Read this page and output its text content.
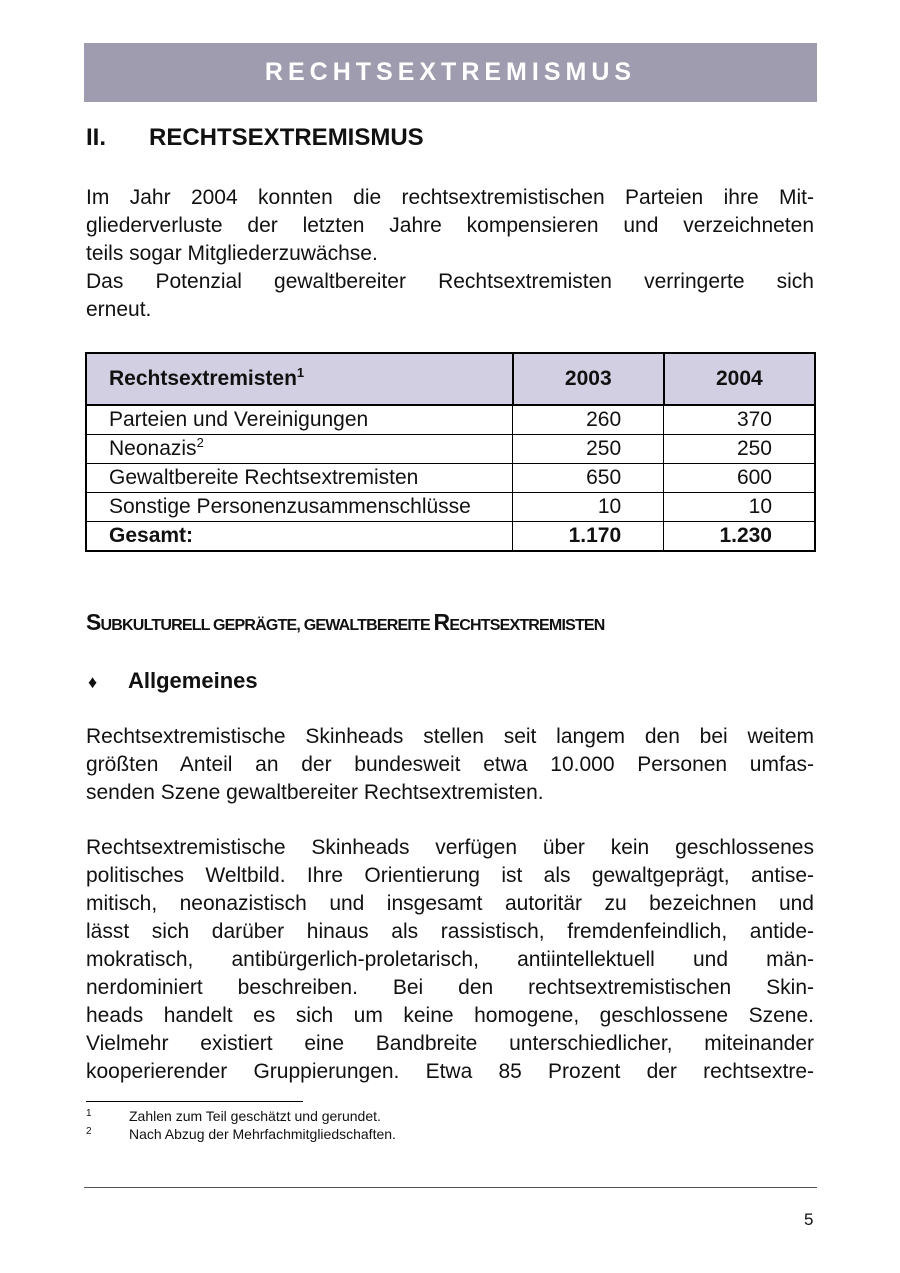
RECHTSEXTREMISMUS
II. RECHTSEXTREMISMUS
Im Jahr 2004 konnten die rechtsextremistischen Parteien ihre Mit-
gliederverluste der letzten Jahre kompensieren und verzeichneten
teils sogar Mitgliederzuwächse.
Das Potenzial gewaltbereiter Rechtsextremisten verringerte sich
erneut.
Rechtsextremisten$^1$	2003	2004
Parteien und Vereinigungen	260	370
Neonazis$^2$	250	250
Gewaltbereite Rechtsextremisten	650	600
Sonstige Personenzusammenschlüsse	10	10
Gesamt:	1.170	1.230
SUBKULTURELL GEPRÄGTE, GEWALTBEREITE RECHTSEXTREMISTEN
♦ Allgemeines
Rechtsextremistische Skinheads stellen seit langem den bei weitem
größten Anteil an der bundesweit etwa 10.000 Personen umfas-
senden Szene gewaltbereiter Rechtsextremisten.
Rechtsextremistische Skinheads verfügen über kein geschlossenes
politisches Weltbild. Ihre Orientierung ist als gewaltgeprägt, antise-
mitisch, neonazistisch und insgesamt autoritär zu bezeichnen und
lässt sich darüber hinaus als rassistisch, fremdenfeindlich, antide-
mokratisch, antibürgerlich-proletarisch, antiintellektuell und män-
nerdominiert beschreiben. Bei den rechtsextremistischen Skin-
heads handelt es sich um keine homogene, geschlossene Szene.
Vielmehr existiert eine Bandbreite unterschiedlicher, miteinander
kooperierender Gruppierungen. Etwa 85 Prozent der rechtsextre-
1	Zahlen zum Teil geschätzt und gerundet.
2	Nach Abzug der Mehrfachmitgliedschaften.
5
